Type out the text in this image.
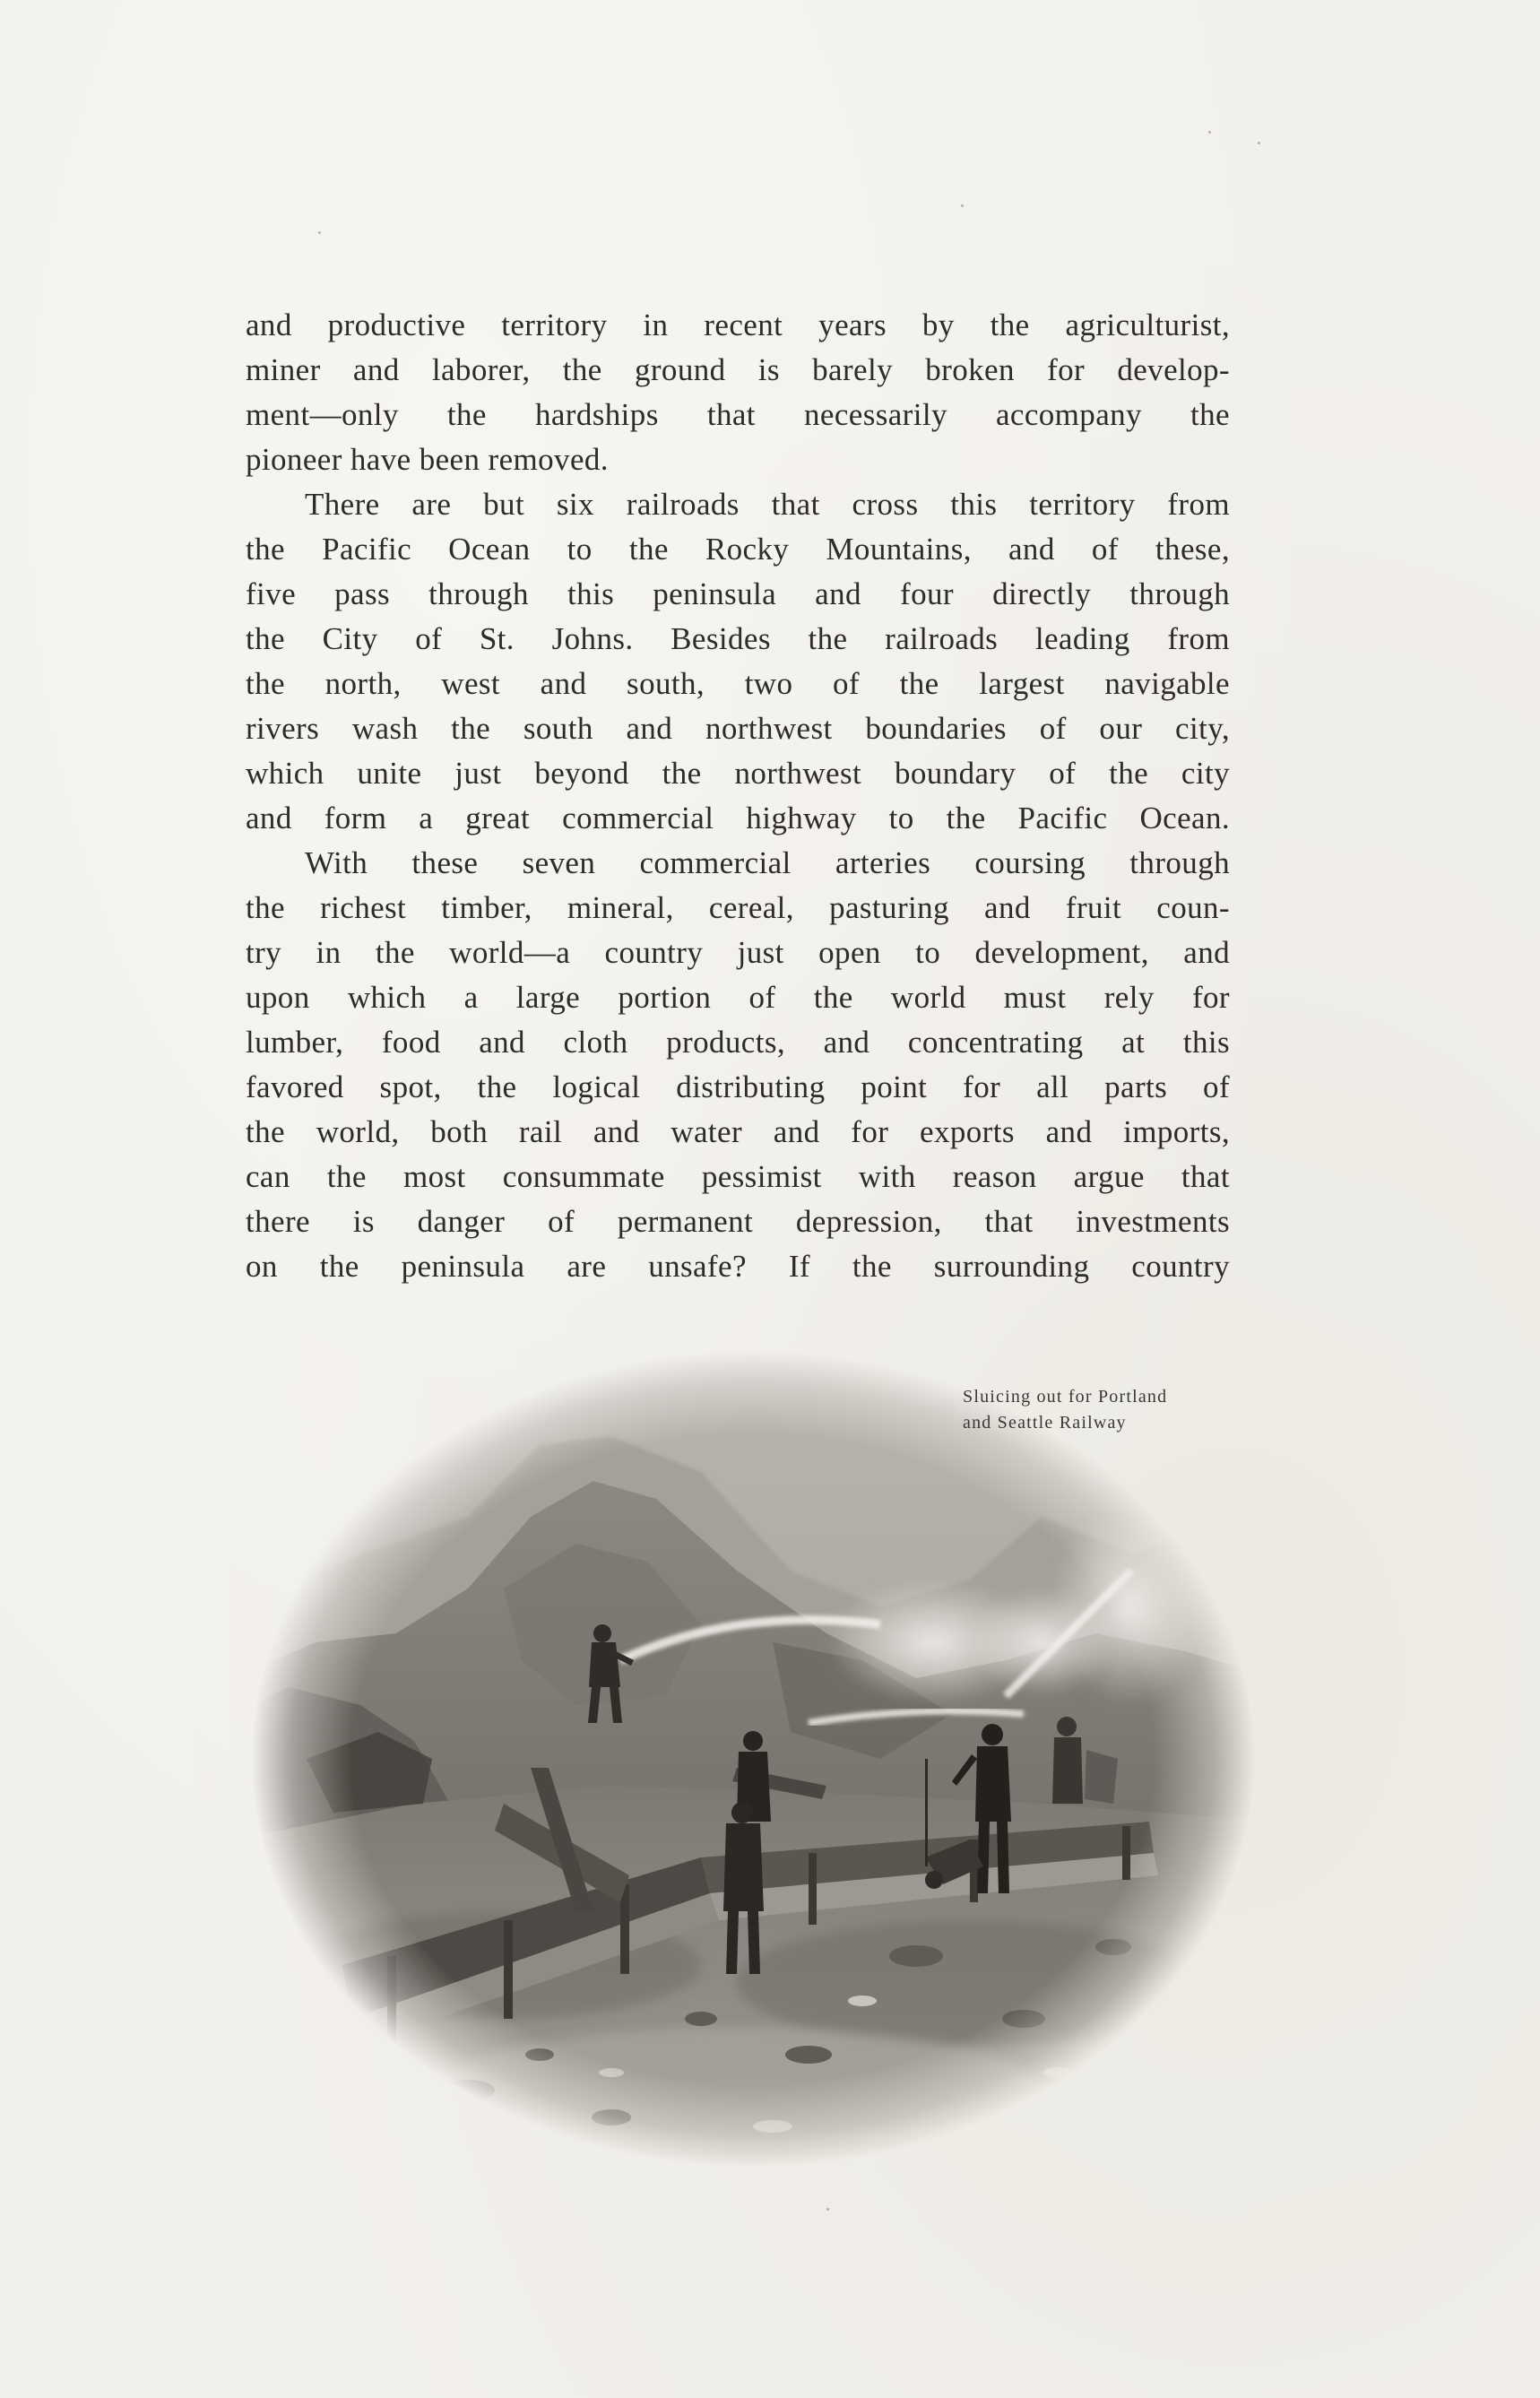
and productive territory in recent years by the agriculturist,
miner and laborer, the ground is barely broken for develop-
ment—only the hardships that necessarily accompany the
pioneer have been removed.
There are but six railroads that cross this territory from
the Pacific Ocean to the Rocky Mountains, and of these,
five pass through this peninsula and four directly through
the City of St. Johns. Besides the railroads leading from
the north, west and south, two of the largest navigable
rivers wash the south and northwest boundaries of our city,
which unite just beyond the northwest boundary of the city
and form a great commercial highway to the Pacific Ocean.
With these seven commercial arteries coursing through
the richest timber, mineral, cereal, pasturing and fruit coun-
try in the world—a country just open to development, and
upon which a large portion of the world must rely for
lumber, food and cloth products, and concentrating at this
favored spot, the logical distributing point for all parts of
the world, both rail and water and for exports and imports,
can the most consummate pessimist with reason argue that
there is danger of permanent depression, that investments
on the peninsula are unsafe? If the surrounding country
Sluicing out for Portland
and Seattle Railway
